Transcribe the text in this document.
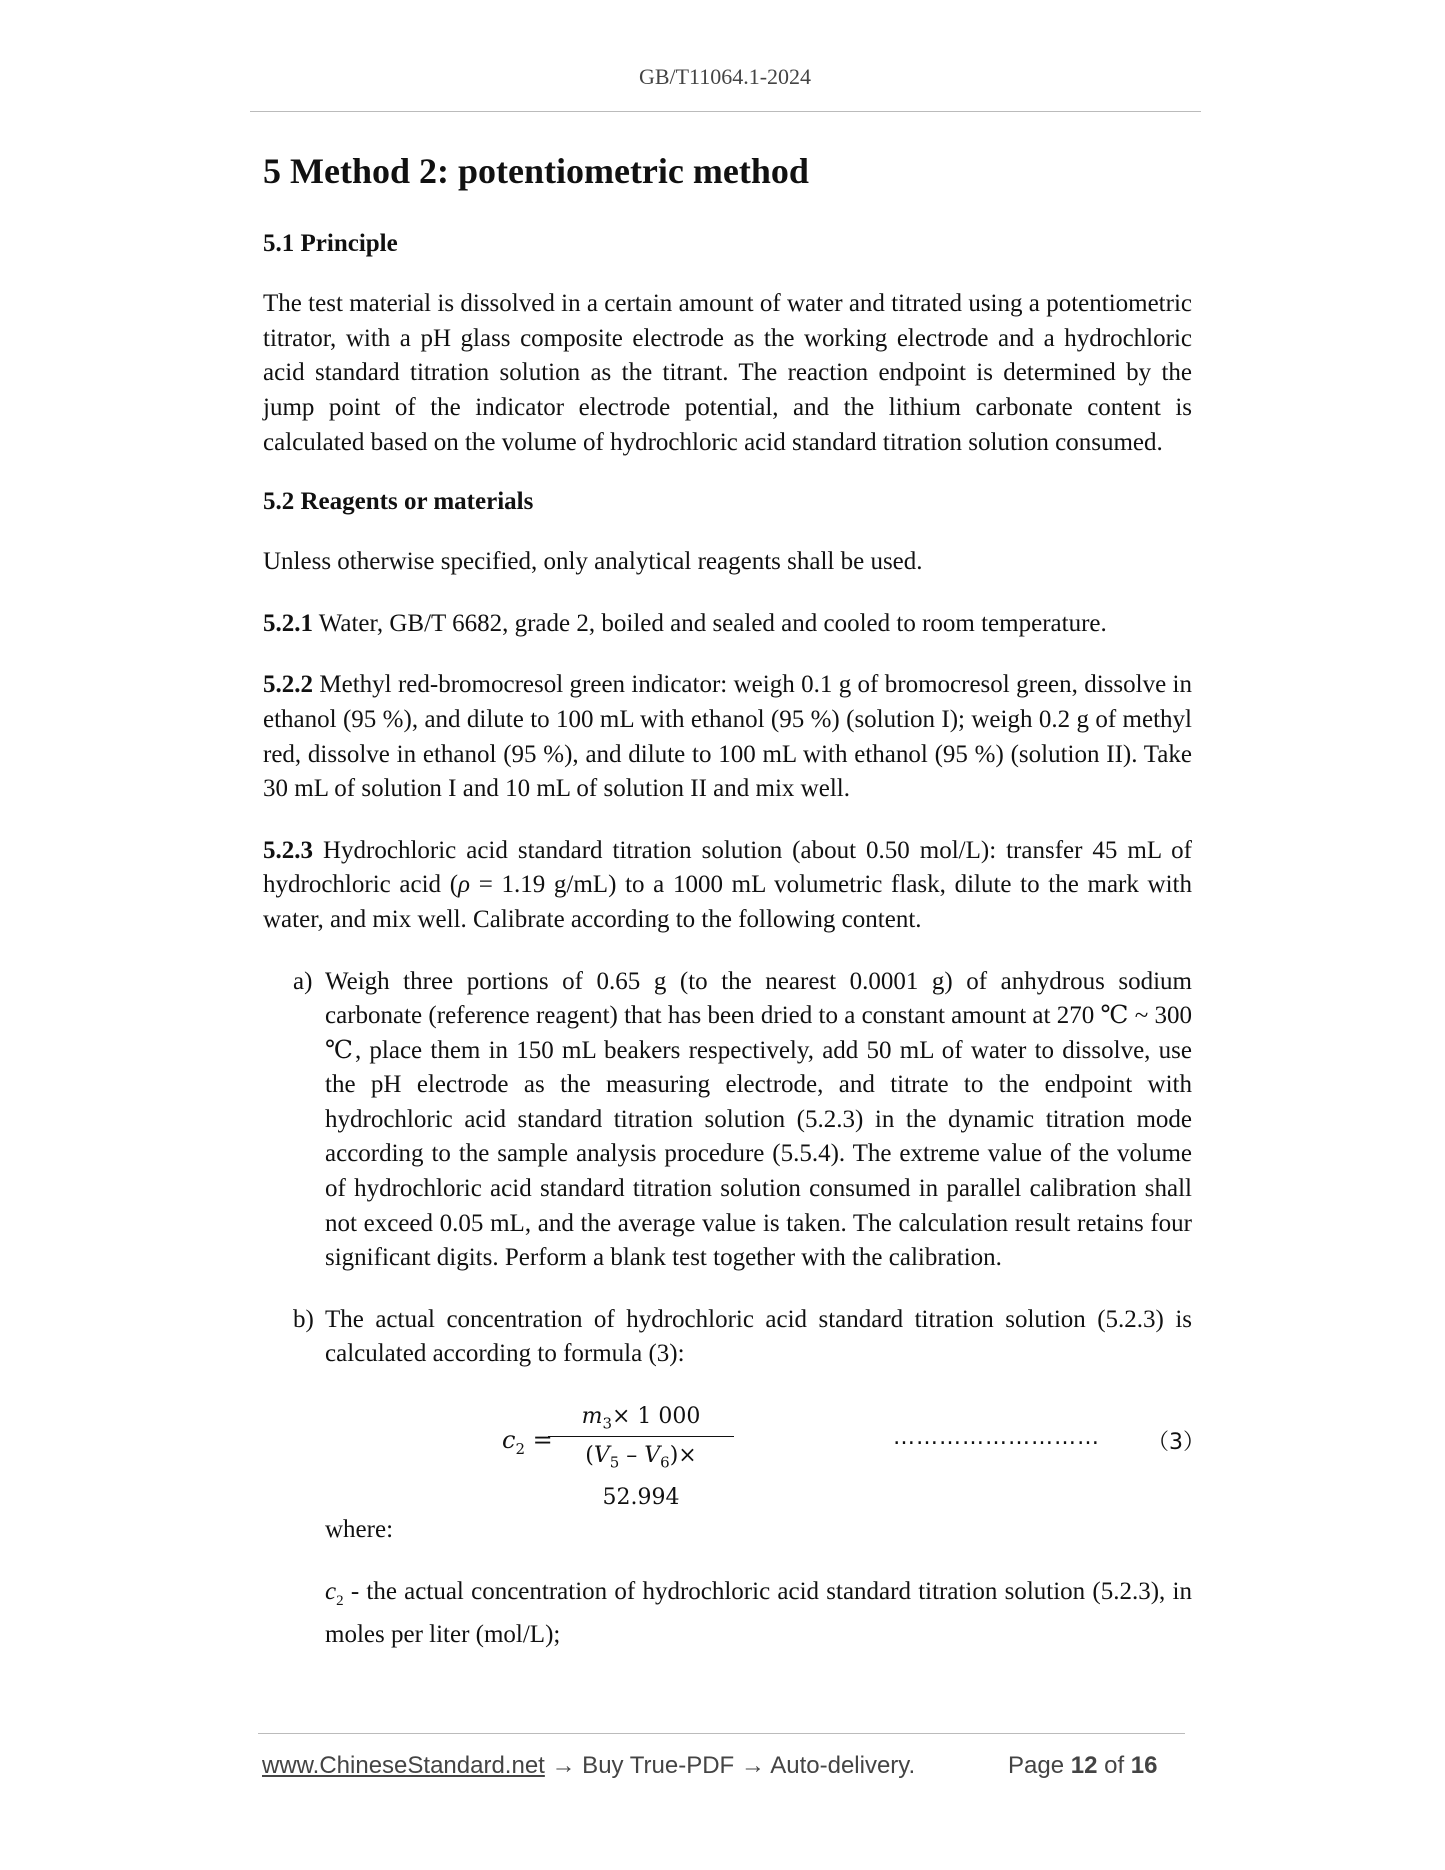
GB/T11064.1-2024
5 Method 2: potentiometric method
5.1 Principle

The test material is dissolved in a certain amount of water and titrated using a potentiometric titrator, with a pH glass composite electrode as the working electrode and a hydrochloric acid standard titration solution as the titrant. The reaction endpoint is determined by the jump point of the indicator electrode potential, and the lithium carbonate content is calculated based on the volume of hydrochloric acid standard titration solution consumed.

5.2 Reagents or materials

Unless otherwise specified, only analytical reagents shall be used.

5.2.1 Water, GB/T 6682, grade 2, boiled and sealed and cooled to room temperature.

5.2.2 Methyl red-bromocresol green indicator: weigh 0.1 g of bromocresol green, dissolve in ethanol (95 %), and dilute to 100 mL with ethanol (95 %) (solution I); weigh 0.2 g of methyl red, dissolve in ethanol (95 %), and dilute to 100 mL with ethanol (95 %) (solution II). Take 30 mL of solution I and 10 mL of solution II and mix well.

5.2.3 Hydrochloric acid standard titration solution (about 0.50 mol/L): transfer 45 mL of hydrochloric acid (ρ = 1.19 g/mL) to a 1000 mL volumetric flask, dilute to the mark with water, and mix well. Calibrate according to the following content.

a) Weigh three portions of 0.65 g (to the nearest 0.0001 g) of anhydrous sodium carbonate (reference reagent) that has been dried to a constant amount at 270 ℃ ~ 300 ℃, place them in 150 mL beakers respectively, add 50 mL of water to dissolve, use the pH electrode as the measuring electrode, and titrate to the endpoint with hydrochloric acid standard titration solution (5.2.3) in the dynamic titration mode according to the sample analysis procedure (5.5.4). The extreme value of the volume of hydrochloric acid standard titration solution consumed in parallel calibration shall not exceed 0.05 mL, and the average value is taken. The calculation result retains four significant digits. Perform a blank test together with the calibration.
b) The actual concentration of hydrochloric acid standard titration solution (5.2.3) is calculated according to formula (3):
$c_2$ =
$m_3\times 1$ 000
$(V_5 - V_6)\times 52.994$
……………………… （3）
where:
$c_2$ - the actual concentration of hydrochloric acid standard titration solution (5.2.3), in moles per liter (mol/L);
www.ChineseStandard.net → Buy True-PDF → Auto-delivery.	Page 12 of 16
